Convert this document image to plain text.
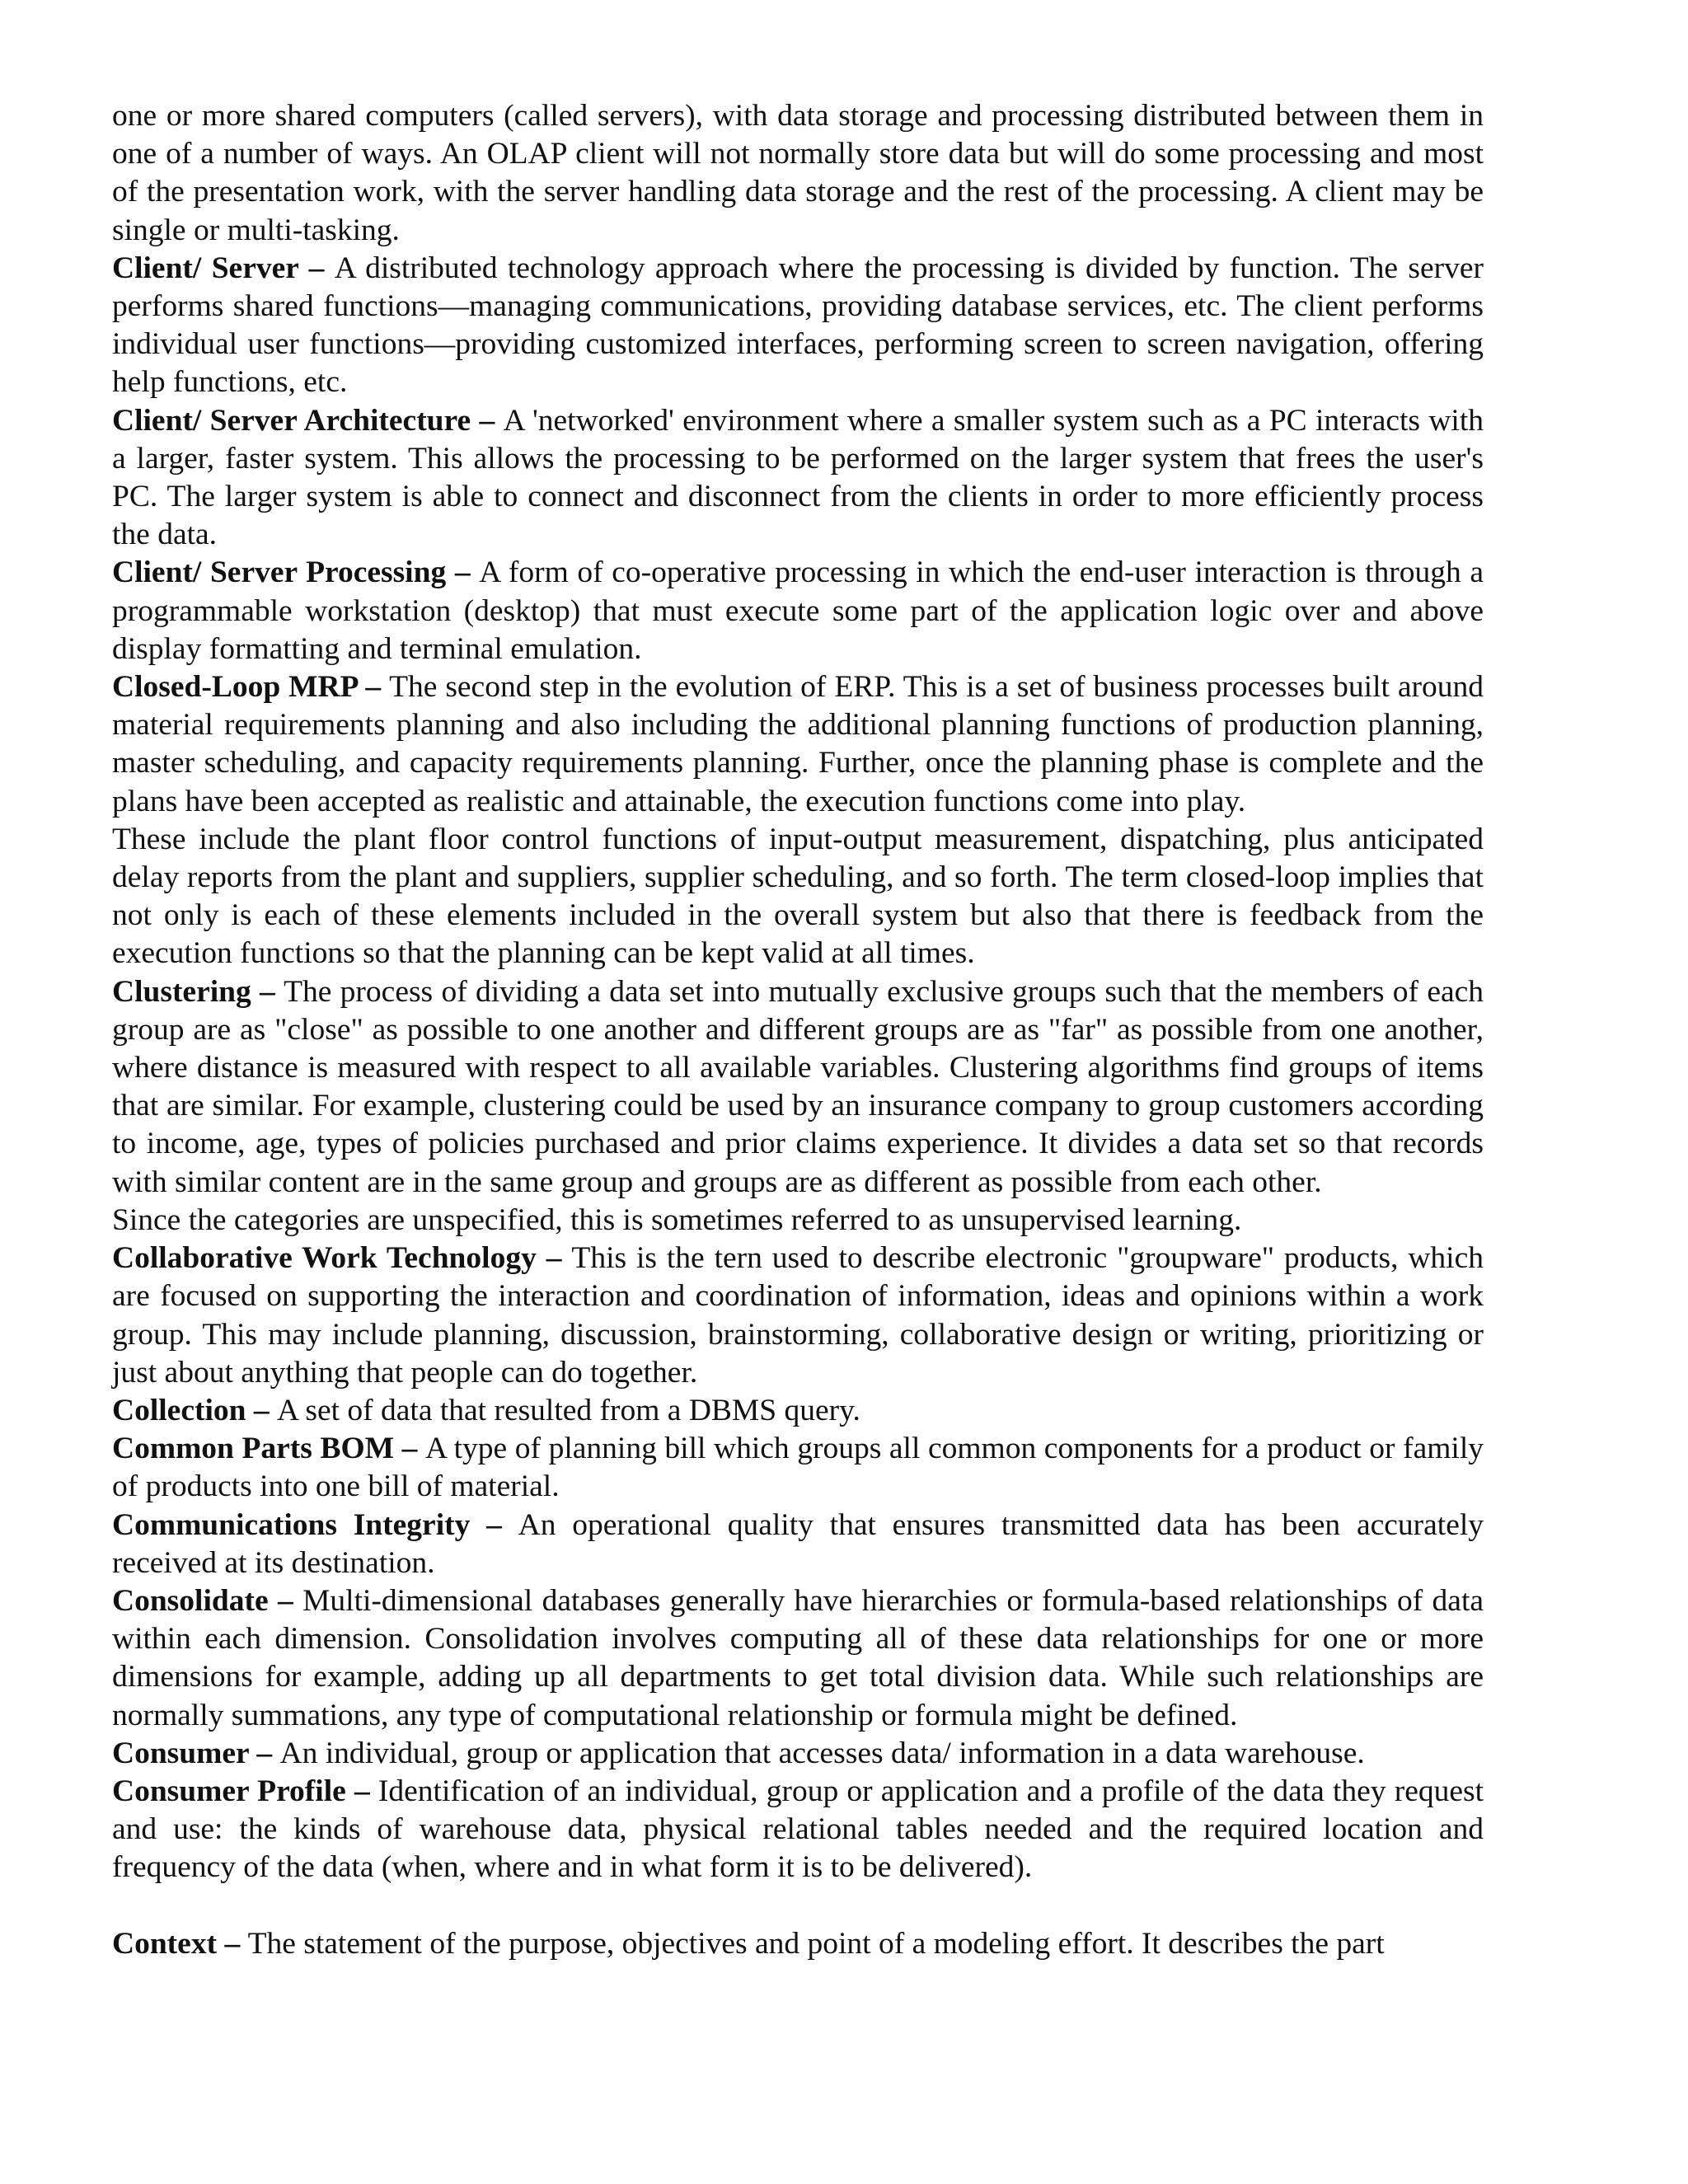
one or more shared computers (called servers), with data storage and processing distributed between them in one of a number of ways. An OLAP client will not normally store data but will do some processing and most of the presentation work, with the server handling data storage and the rest of the processing. A client may be single or multi-tasking.

Client/ Server – A distributed technology approach where the processing is divided by function. The server performs shared functions—managing communications, providing database services, etc. The client performs individual user functions—providing customized interfaces, performing screen to screen navigation, offering help functions, etc.

Client/ Server Architecture – A 'networked' environment where a smaller system such as a PC interacts with a larger, faster system. This allows the processing to be performed on the larger system that frees the user's PC. The larger system is able to connect and disconnect from the clients in order to more efficiently process the data.

Client/ Server Processing – A form of co-operative processing in which the end-user interaction is through a programmable workstation (desktop) that must execute some part of the application logic over and above display formatting and terminal emulation.

Closed-Loop MRP – The second step in the evolution of ERP. This is a set of business processes built around material requirements planning and also including the additional planning functions of production planning, master scheduling, and capacity requirements planning. Further, once the planning phase is complete and the plans have been accepted as realistic and attainable, the execution functions come into play.

These include the plant floor control functions of input-output measurement, dispatching, plus anticipated delay reports from the plant and suppliers, supplier scheduling, and so forth. The term closed-loop implies that not only is each of these elements included in the overall system but also that there is feedback from the execution functions so that the planning can be kept valid at all times.

Clustering – The process of dividing a data set into mutually exclusive groups such that the members of each group are as "close" as possible to one another and different groups are as "far" as possible from one another, where distance is measured with respect to all available variables. Clustering algorithms find groups of items that are similar. For example, clustering could be used by an insurance company to group customers according to income, age, types of policies purchased and prior claims experience. It divides a data set so that records with similar content are in the same group and groups are as different as possible from each other.

Since the categories are unspecified, this is sometimes referred to as unsupervised learning.

Collaborative Work Technology – This is the tern used to describe electronic "groupware" products, which are focused on supporting the interaction and coordination of information, ideas and opinions within a work group. This may include planning, discussion, brainstorming, collaborative design or writing, prioritizing or just about anything that people can do together.

Collection – A set of data that resulted from a DBMS query.

Common Parts BOM – A type of planning bill which groups all common components for a product or family of products into one bill of material.

Communications Integrity – An operational quality that ensures transmitted data has been accurately received at its destination.

Consolidate – Multi-dimensional databases generally have hierarchies or formula-based relationships of data within each dimension. Consolidation involves computing all of these data relationships for one or more dimensions for example, adding up all departments to get total division data. While such relationships are normally summations, any type of computational relationship or formula might be defined.

Consumer – An individual, group or application that accesses data/ information in a data warehouse.

Consumer Profile – Identification of an individual, group or application and a profile of the data they request and use: the kinds of warehouse data, physical relational tables needed and the required location and frequency of the data (when, where and in what form it is to be delivered).

Context – The statement of the purpose, objectives and point of a modeling effort. It describes the part
